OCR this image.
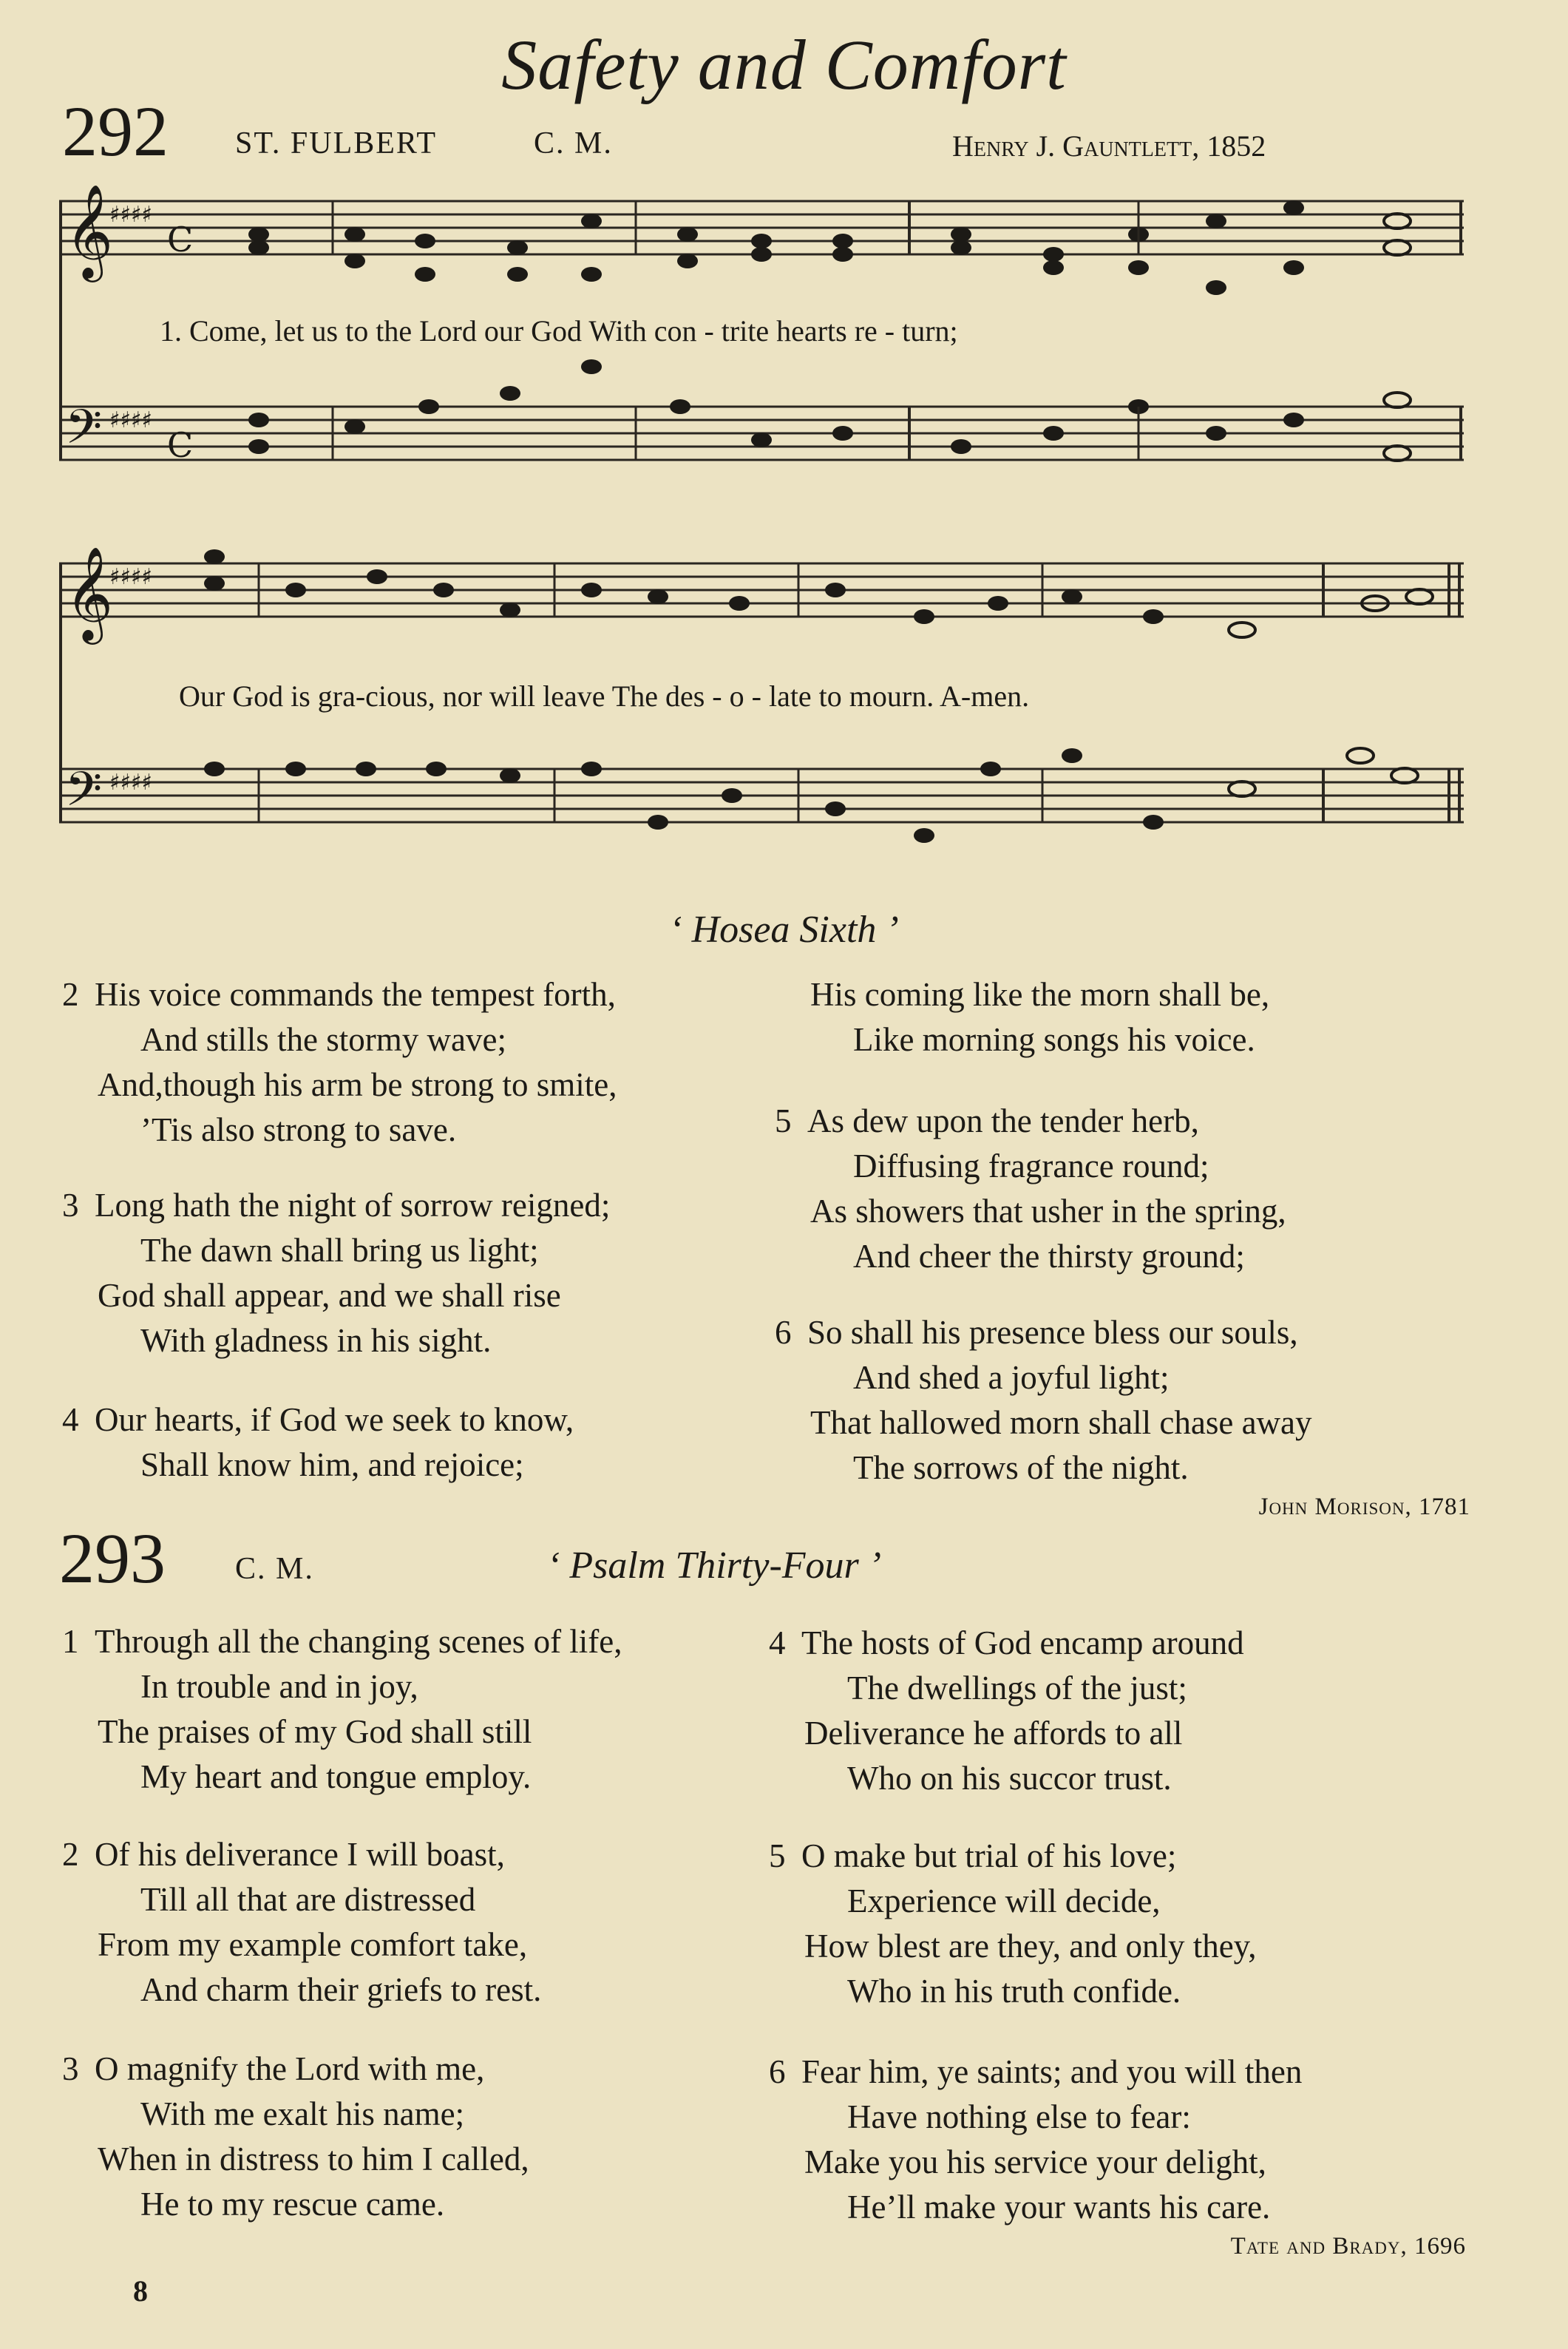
Safety and Comfort
292 ST. FULBERT	C. M.	Henry J. Gauntlett, 1852
𝄞
𝄞
𝄢
𝄢
♯♯♯♯
♯♯♯♯
♯♯♯♯
♯♯♯♯
C
C
1. Come, let us to the Lord our God With con - trite hearts re - turn;
Our God is gra-cious, nor will leave The des - o - late to mourn. A-men.
‘ Hosea Sixth ’
2 His voice commands the tempest forth,
And stills the stormy wave;
And,though his arm be strong to smite,
’Tis also strong to save.
3 Long hath the night of sorrow reigned;
The dawn shall bring us light;
God shall appear, and we shall rise
With gladness in his sight.
4 Our hearts, if God we seek to know,
Shall know him, and rejoice;
His coming like the morn shall be,
Like morning songs his voice.
5 As dew upon the tender herb,
Diffusing fragrance round;
As showers that usher in the spring,
And cheer the thirsty ground;
6 So shall his presence bless our souls,
And shed a joyful light;
That hallowed morn shall chase away
The sorrows of the night.
John Morison, 1781
293 C. M.	‘ Psalm Thirty-Four ’
1 Through all the changing scenes of life,
In trouble and in joy,
The praises of my God shall still
My heart and tongue employ.
2 Of his deliverance I will boast,
Till all that are distressed
From my example comfort take,
And charm their griefs to rest.
3 O magnify the Lord with me,
With me exalt his name;
When in distress to him I called,
He to my rescue came.
4 The hosts of God encamp around
The dwellings of the just;
Deliverance he affords to all
Who on his succor trust.
5 O make but trial of his love;
Experience will decide,
How blest are they, and only they,
Who in his truth confide.
6 Fear him, ye saints; and you will then
Have nothing else to fear:
Make you his service your delight,
He’ll make your wants his care.
Tate and Brady, 1696
8
